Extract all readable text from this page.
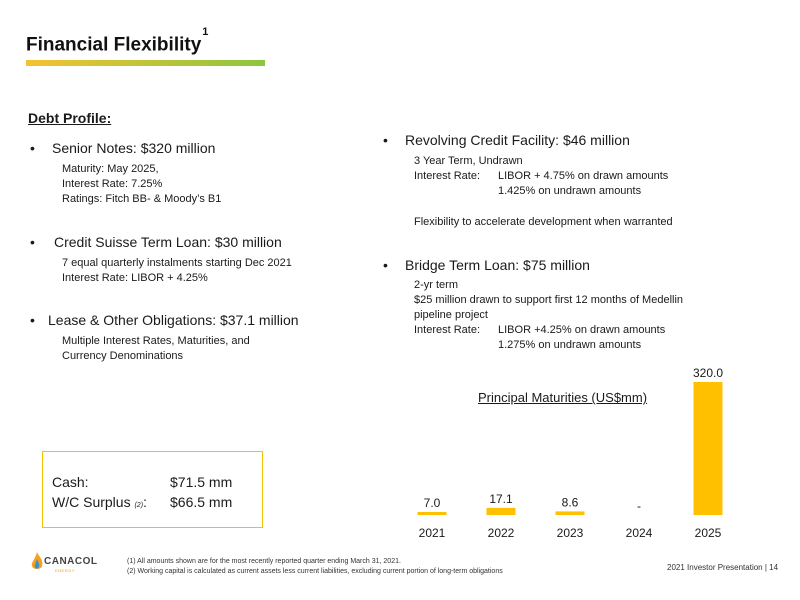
Financial Flexibility$^1$
Debt Profile:
• Senior Notes: $320 million
Maturity: May 2025,
Interest Rate: 7.25%
Ratings: Fitch BB- & Moody’s B1
• Credit Suisse Term Loan: $30 million
7 equal quarterly instalments starting Dec 2021
Interest Rate: LIBOR + 4.25%
• Lease & Other Obligations: $37.1 million
Multiple Interest Rates, Maturities, and
Currency Denominations
• Revolving Credit Facility: $46 million
3 Year Term, Undrawn
Interest Rate: LIBOR + 4.75% on drawn amounts
1.425% on undrawn amounts
Flexibility to accelerate development when warranted
• Bridge Term Loan: $75 million
2-yr term
$25 million drawn to support first 12 months of Medellin
pipeline project
Interest Rate: LIBOR +4.25% on drawn amounts
1.275% on undrawn amounts
Cash:	$71.5 mm
W/C Surplus (2): $66.5 mm
Principal Maturities (US$mm)
7.0
2021
17.1
2022
8.6
2023
-
2024
320.0
2025
CANACOL
ENERGY
(1) All amounts shown are for the most recently reported quarter ending March 31, 2021.
(2) Working capital is calculated as current assets less current liabilities, excluding current portion of long-term obligations	2021 Investor Presentation | 14
